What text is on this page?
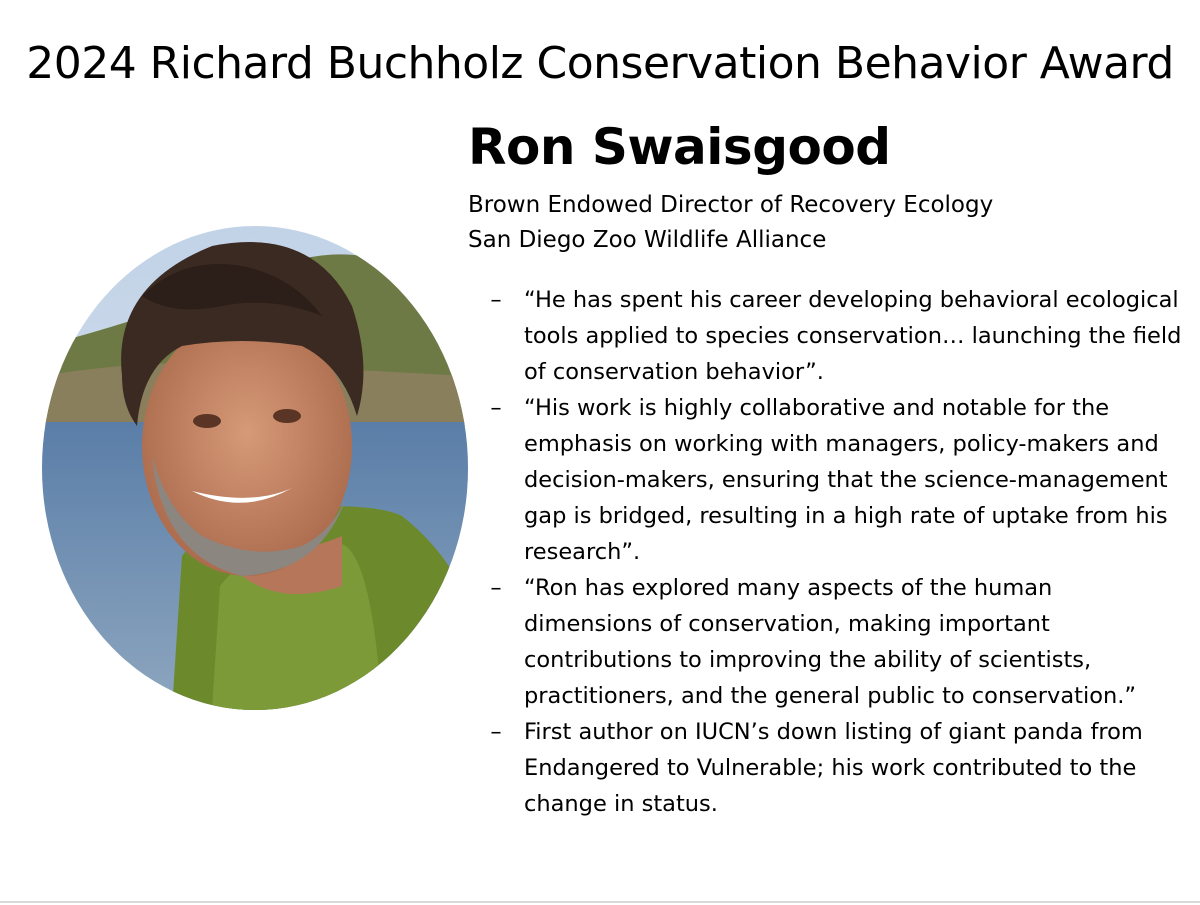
2024 Richard Buchholz Conservation Behavior Award
Ron Swaisgood
Brown Endowed Director of Recovery Ecology
San Diego Zoo Wildlife Alliance
– “He has spent his career developing behavioral ecological tools applied to species conservation… launching the field of conservation behavior”.
– “His work is highly collaborative and notable for the emphasis on working with managers, policy-makers and decision-makers, ensuring that the science-management gap is bridged, resulting in a high rate of uptake from his research”.
– “Ron has explored many aspects of the human dimensions of conservation, making important contributions to improving the ability of scientists, practitioners, and the general public to conservation.”
– First author on IUCN’s down listing of giant panda from Endangered to Vulnerable; his work contributed to the change in status.
